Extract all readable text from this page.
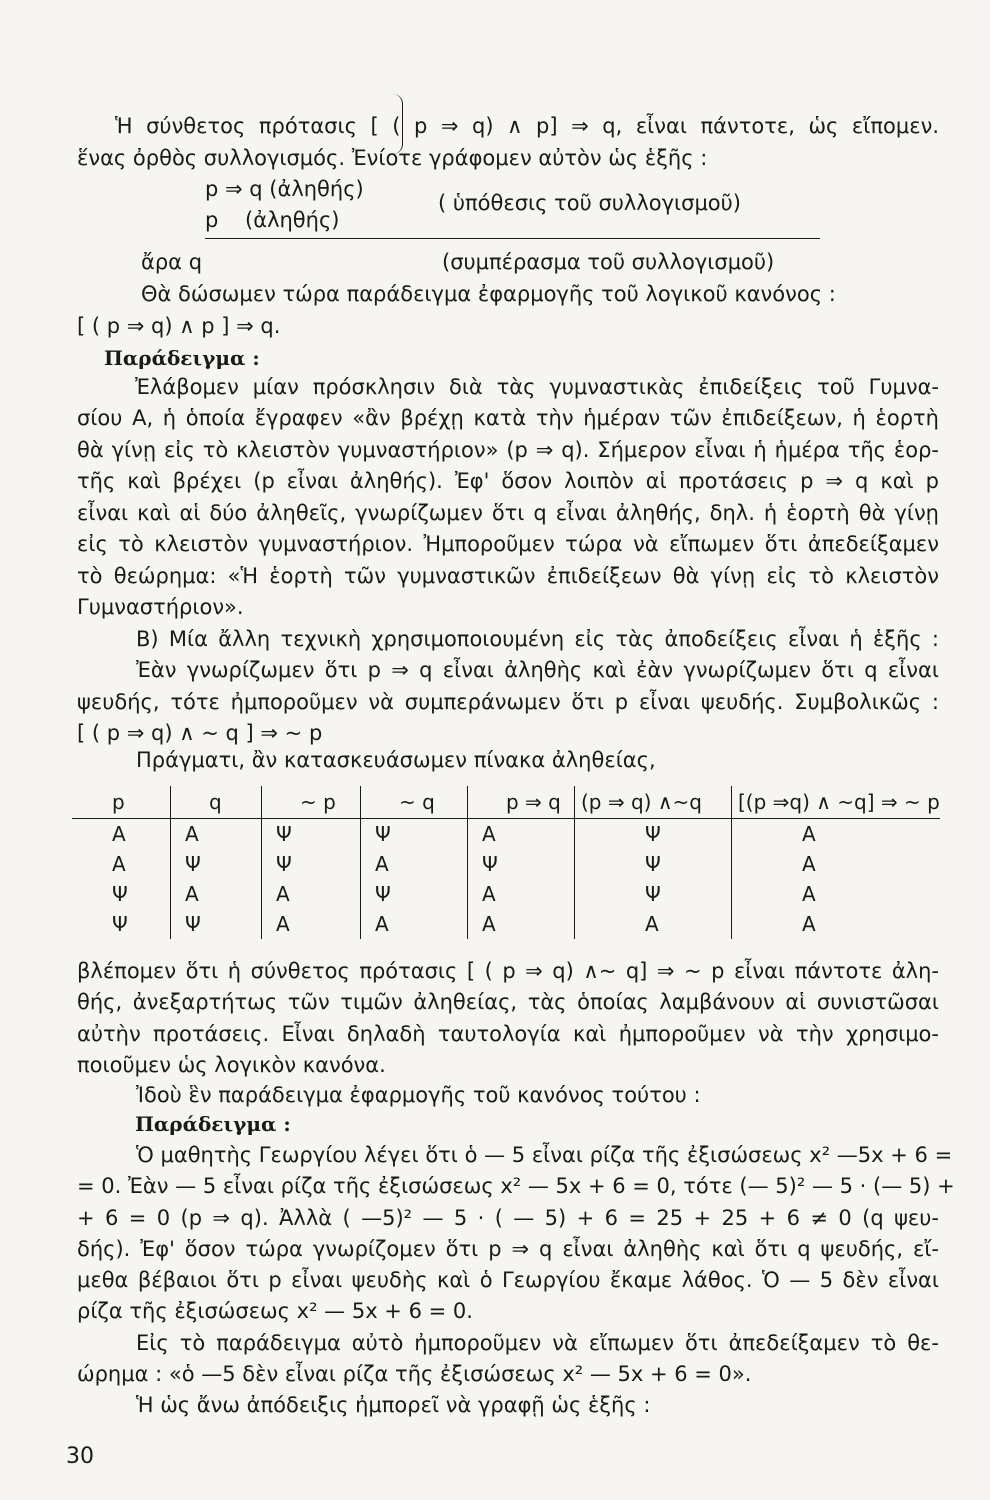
Ἡ σύνθετος πρότασις [ ( p ⇒ q) ∧ p] ⇒ q, εἶναι πάντοτε, ὡς εἴπομεν.
ἕνας ὀρθὸς συλλογισμός. Ἐνίοτε γράφομεν αὐτὸν ὡς ἑξῆς :
p ⇒ q (ἀληθής)
p    (ἀληθής)
( ὑπόθεσις τοῦ συλλογισμοῦ)
ἄρα q	(συμπέρασμα τοῦ συλλογισμοῦ)
Θὰ δώσωμεν τώρα παράδειγμα ἐφαρμογῆς τοῦ λογικοῦ κανόνος :
[ ( p ⇒ q) ∧ p ] ⇒ q.
Παράδειγμα :
Ἐλάβομεν μίαν πρόσκλησιν διὰ τὰς γυμναστικὰς ἐπιδείξεις τοῦ Γυμνα-
σίου Α, ἡ ὁποία ἔγραφεν «ἂν βρέχῃ κατὰ τὴν ἡμέραν τῶν ἐπιδείξεων, ἡ ἑορτὴ
θὰ γίνῃ εἰς τὸ κλειστὸν γυμναστήριον» (p ⇒ q). Σήμερον εἶναι ἡ ἡμέρα τῆς ἑορ-
τῆς καὶ βρέχει (p εἶναι ἀληθής). Ἐφ' ὅσον λοιπὸν αἱ προτάσεις p ⇒ q καὶ p
εἶναι καὶ αἱ δύο ἀληθεῖς, γνωρίζωμεν ὅτι q εἶναι ἀληθής, δηλ. ἡ ἑορτὴ θὰ γίνῃ
εἰς τὸ κλειστὸν γυμναστήριον. Ἠμποροῦμεν τώρα νὰ εἴπωμεν ὅτι ἀπεδείξαμεν
τὸ θεώρημα: «Ἡ ἑορτὴ τῶν γυμναστικῶν ἐπιδείξεων θὰ γίνῃ εἰς τὸ κλειστὸν
Γυμναστήριον».
Β) Μία ἄλλη τεχνικὴ χρησιμοποιουμένη εἰς τὰς ἀποδείξεις εἶναι ἡ ἑξῆς :
Ἐὰν γνωρίζωμεν ὅτι p ⇒ q εἶναι ἀληθὴς καὶ ἐὰν γνωρίζωμεν ὅτι q εἶναι
ψευδής, τότε ἠμποροῦμεν νὰ συμπεράνωμεν ὅτι p εἶναι ψευδής. Συμβολικῶς :
[ ( p ⇒ q) ∧ ~ q ] ⇒ ~ p
Πράγματι, ἂν κατασκευάσωμεν πίνακα ἀληθείας,
p	q	~ p	~ q	p ⇒ q	(p ⇒ q) ∧~q	[(p ⇒q) ∧ ~q] ⇒ ~ p
Α	Α	Ψ	Ψ	Α	Ψ	Α
Α	Ψ	Ψ	Α	Ψ	Ψ	Α
Ψ	Α	Α	Ψ	Α	Ψ	Α
Ψ	Ψ	Α	Α	Α	Α	Α
βλέπομεν ὅτι ἡ σύνθετος πρότασις [ ( p ⇒ q) ∧~ q] ⇒ ~ p εἶναι πάντοτε ἀλη-
θής, ἀνεξαρτήτως τῶν τιμῶν ἀληθείας, τὰς ὁποίας λαμβάνουν αἱ συνιστῶσαι
αὐτὴν προτάσεις. Εἶναι δηλαδὴ ταυτολογία καὶ ἠμποροῦμεν νὰ τὴν χρησιμο-
ποιοῦμεν ὡς λογικὸν κανόνα.
Ἰδοὺ ἓν παράδειγμα ἐφαρμογῆς τοῦ κανόνος τούτου :
Παράδειγμα :
Ὁ μαθητὴς Γεωργίου λέγει ὅτι ὁ — 5 εἶναι ρίζα τῆς ἐξισώσεως x² —5x + 6 =
= 0. Ἐὰν — 5 εἶναι ρίζα τῆς ἐξισώσεως x² — 5x + 6 = 0, τότε (— 5)² — 5 · (— 5) +
+ 6 = 0 (p ⇒ q). Ἀλλὰ ( —5)² — 5 · ( — 5) + 6 = 25 + 25 + 6 ≠ 0 (q ψευ-
δής). Ἐφ' ὅσον τώρα γνωρίζομεν ὅτι p ⇒ q εἶναι ἀληθὴς καὶ ὅτι q ψευδής, εἴ-
μεθα βέβαιοι ὅτι p εἶναι ψευδὴς καὶ ὁ Γεωργίου ἔκαμε λάθος. Ὁ — 5 δὲν εἶναι
ρίζα τῆς ἐξισώσεως x² — 5x + 6 = 0.
Εἰς τὸ παράδειγμα αὐτὸ ἠμποροῦμεν νὰ εἴπωμεν ὅτι ἀπεδείξαμεν τὸ θε-
ώρημα : «ὁ —5 δὲν εἶναι ρίζα τῆς ἐξισώσεως x² — 5x + 6 = 0».
Ἡ ὡς ἄνω ἀπόδειξις ἠμπορεῖ νὰ γραφῇ ὡς ἑξῆς :
30
